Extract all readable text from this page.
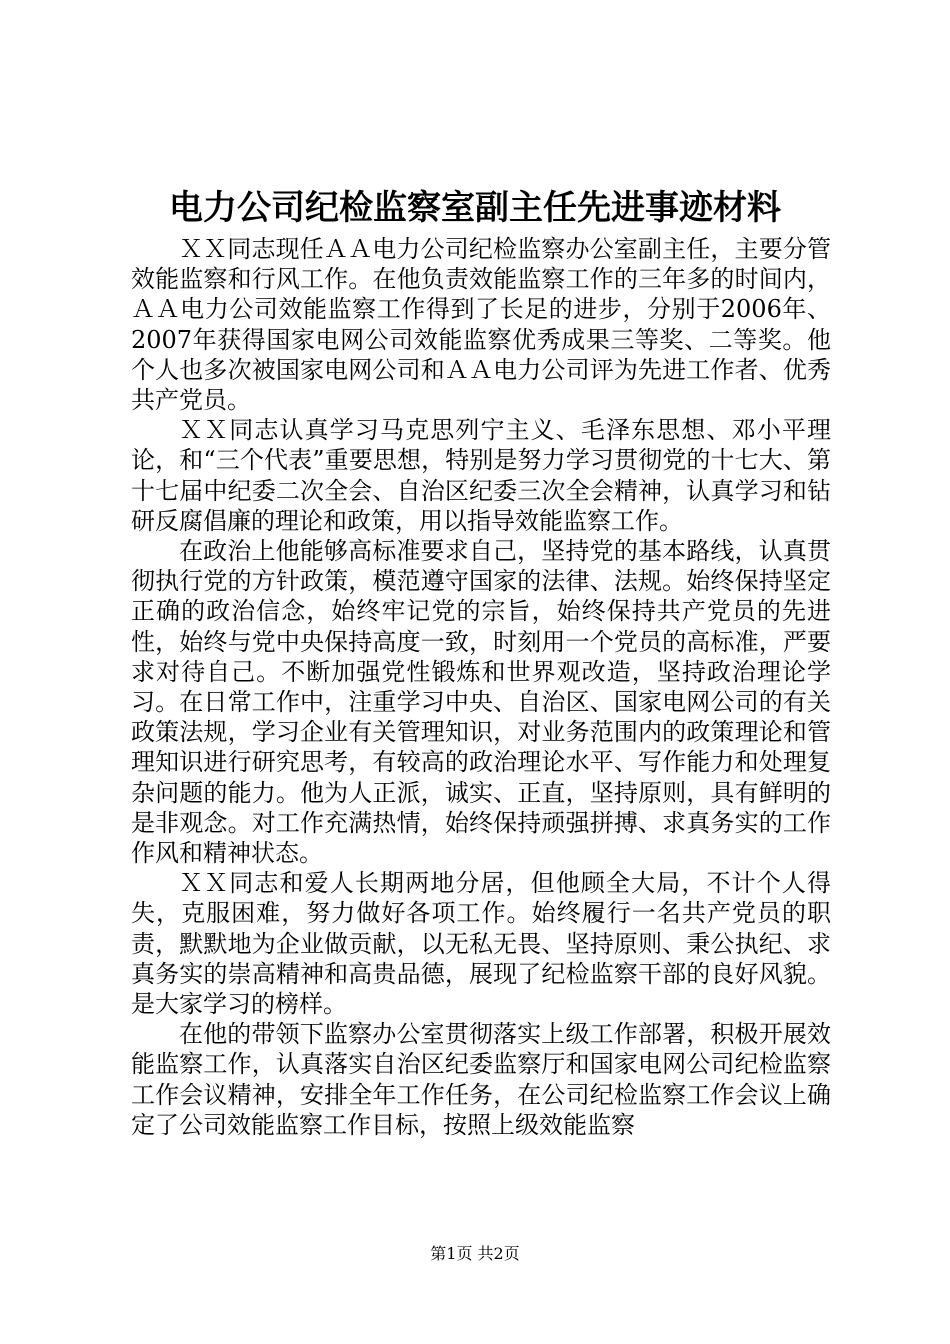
电力公司纪检监察室副主任先进事迹材料

ＸＸ同志现任ＡＡ电力公司纪检监察办公室副主任，主要分管效能监察和行风工作。在他负责效能监察工作的三年多的时间内，ＡＡ电力公司效能监察工作得到了长足的进步，分别于2006年、2007年获得国家电网公司效能监察优秀成果三等奖、二等奖。他个人也多次被国家电网公司和ＡＡ电力公司评为先进工作者、优秀共产党员。

ＸＸ同志认真学习马克思列宁主义、毛泽东思想、邓小平理论，和“三个代表”重要思想，特别是努力学习贯彻党的十七大、第十七届中纪委二次全会、自治区纪委三次全会精神，认真学习和钻研反腐倡廉的理论和政策，用以指导效能监察工作。

在政治上他能够高标准要求自己，坚持党的基本路线，认真贯彻执行党的方针政策，模范遵守国家的法律、法规。始终保持坚定正确的政治信念，始终牢记党的宗旨，始终保持共产党员的先进性，始终与党中央保持高度一致，时刻用一个党员的高标准，严要求对待自己。不断加强党性锻炼和世界观改造，坚持政治理论学习。在日常工作中，注重学习中央、自治区、国家电网公司的有关政策法规，学习企业有关管理知识，对业务范围内的政策理论和管理知识进行研究思考，有较高的政治理论水平、写作能力和处理复杂问题的能力。他为人正派，诚实、正直，坚持原则，具有鲜明的是非观念。对工作充满热情，始终保持顽强拼搏、求真务实的工作作风和精神状态。

ＸＸ同志和爱人长期两地分居，但他顾全大局，不计个人得失，克服困难，努力做好各项工作。始终履行一名共产党员的职责，默默地为企业做贡献，以无私无畏、坚持原则、秉公执纪、求真务实的崇高精神和高贵品德，展现了纪检监察干部的良好风貌。是大家学习的榜样。

在他的带领下监察办公室贯彻落实上级工作部署，积极开展效能监察工作，认真落实自治区纪委监察厅和国家电网公司纪检监察工作会议精神，安排全年工作任务，在公司纪检监察工作会议上确定了公司效能监察工作目标，按照上级效能监察

第1页 共2页
